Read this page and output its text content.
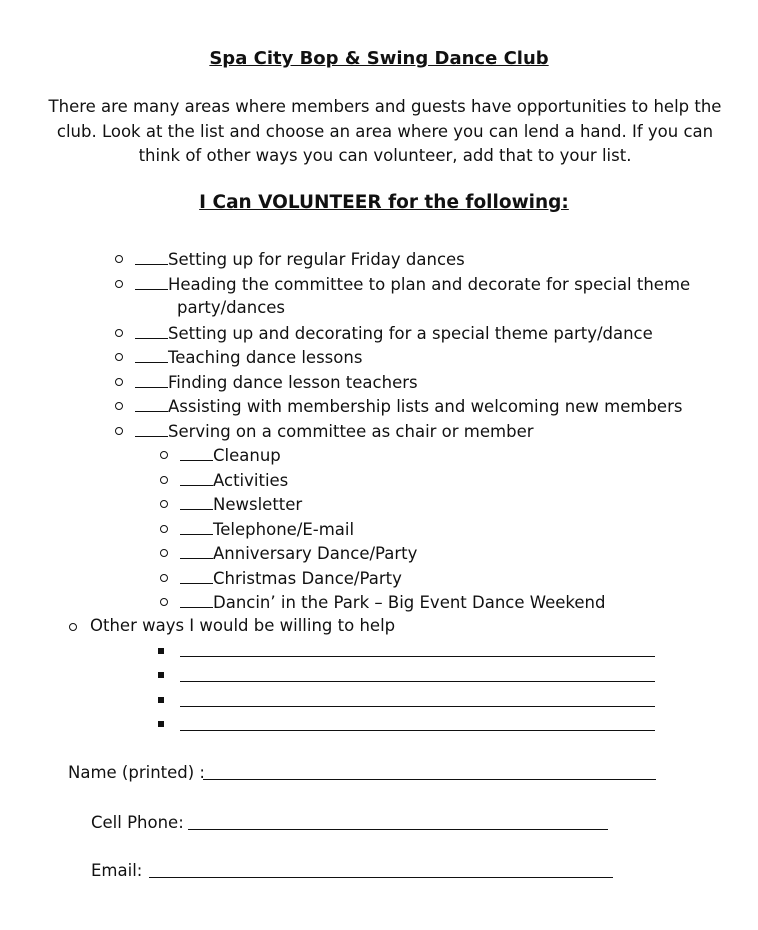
Spa City Bop & Swing Dance Club
There are many areas where members and guests have opportunities to help the
club. Look at the list and choose an area where you can lend a hand. If you can
think of other ways you can volunteer, add that to your list.
I Can VOLUNTEER for the following:
Setting up for regular Friday dances
Heading the committee to plan and decorate for special theme
party/dances
Setting up and decorating for a special theme party/dance
Teaching dance lessons
Finding dance lesson teachers
Assisting with membership lists and welcoming new members
Serving on a committee as chair or member
Cleanup
Activities
Newsletter
Telephone/E-mail
Anniversary Dance/Party
Christmas Dance/Party
Dancin’ in the Park – Big Event Dance Weekend
Other ways I would be willing to help
Name (printed) :
Cell Phone:
Email:
